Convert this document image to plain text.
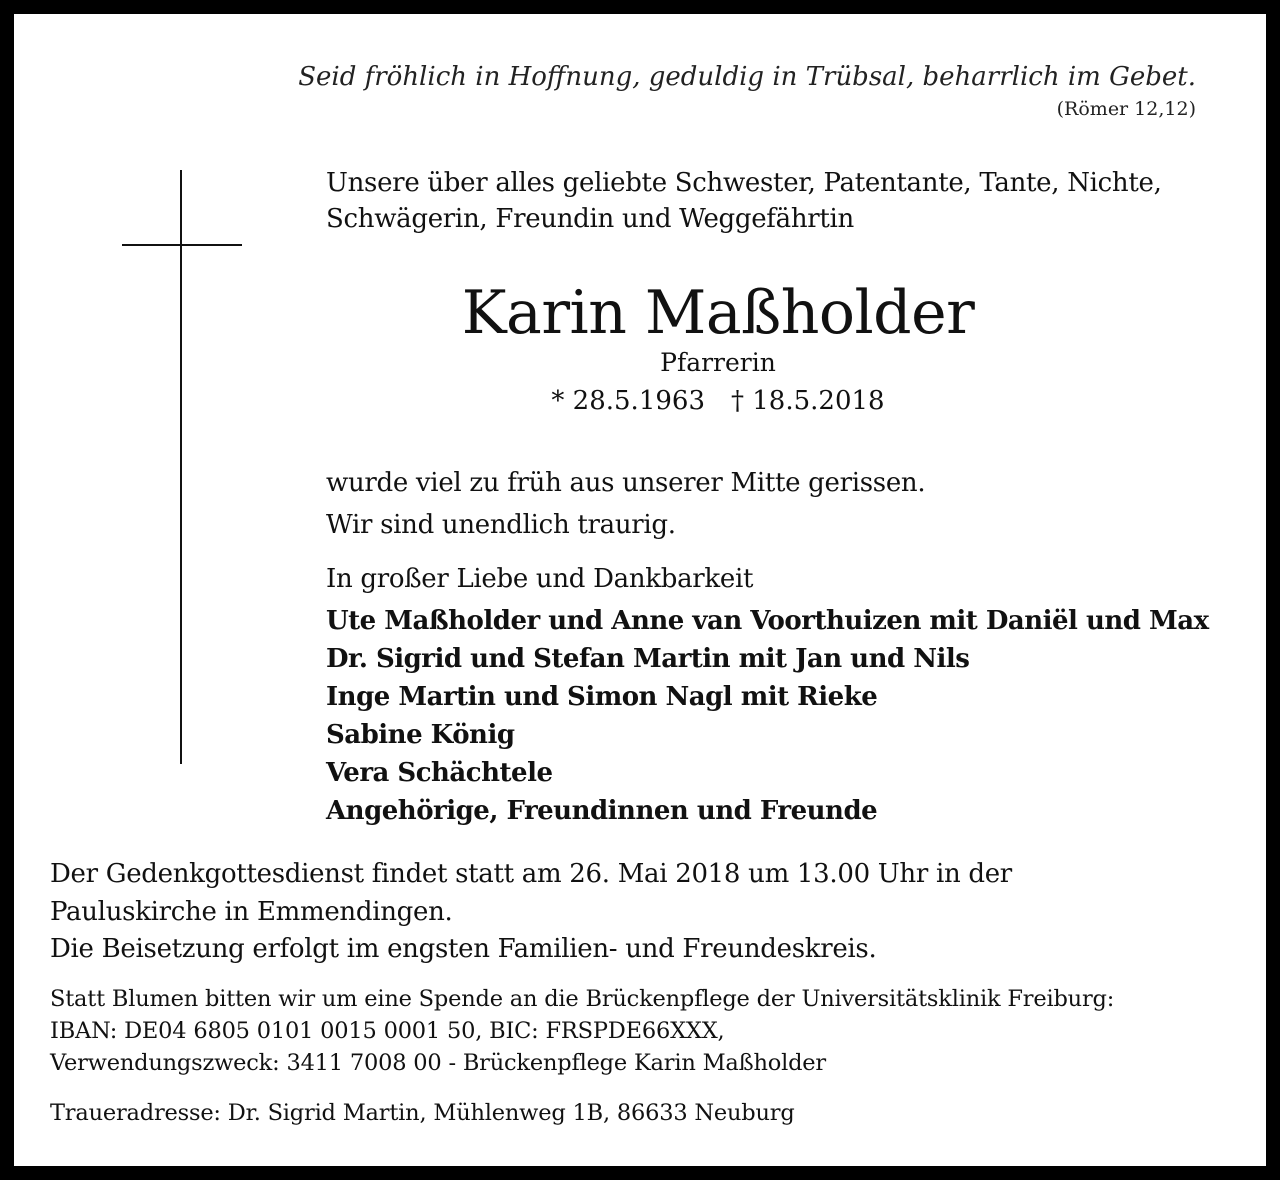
Seid fröhlich in Hoffnung, geduldig in Trübsal, beharrlich im Gebet.
(Römer 12,12)
Unsere über alles geliebte Schwester, Patentante, Tante, Nichte,
Schwägerin, Freundin und Weggefährtin
Karin Maßholder
Pfarrerin
* 28.5.1963 † 18.5.2018
wurde viel zu früh aus unserer Mitte gerissen.
Wir sind unendlich traurig.
In großer Liebe und Dankbarkeit
Ute Maßholder und Anne van Voorthuizen mit Daniël und Max
Dr. Sigrid und Stefan Martin mit Jan und Nils
Inge Martin und Simon Nagl mit Rieke
Sabine König
Vera Schächtele
Angehörige, Freundinnen und Freunde
Der Gedenkgottesdienst findet statt am 26. Mai 2018 um 13.00 Uhr in der
Pauluskirche in Emmendingen.
Die Beisetzung erfolgt im engsten Familien- und Freundeskreis.
Statt Blumen bitten wir um eine Spende an die Brückenpflege der Universitätsklinik Freiburg:
IBAN: DE04 6805 0101 0015 0001 50, BIC: FRSPDE66XXX,
Verwendungszweck: 3411 7008 00 - Brückenpflege Karin Maßholder
Traueradresse: Dr. Sigrid Martin, Mühlenweg 1B, 86633 Neuburg
